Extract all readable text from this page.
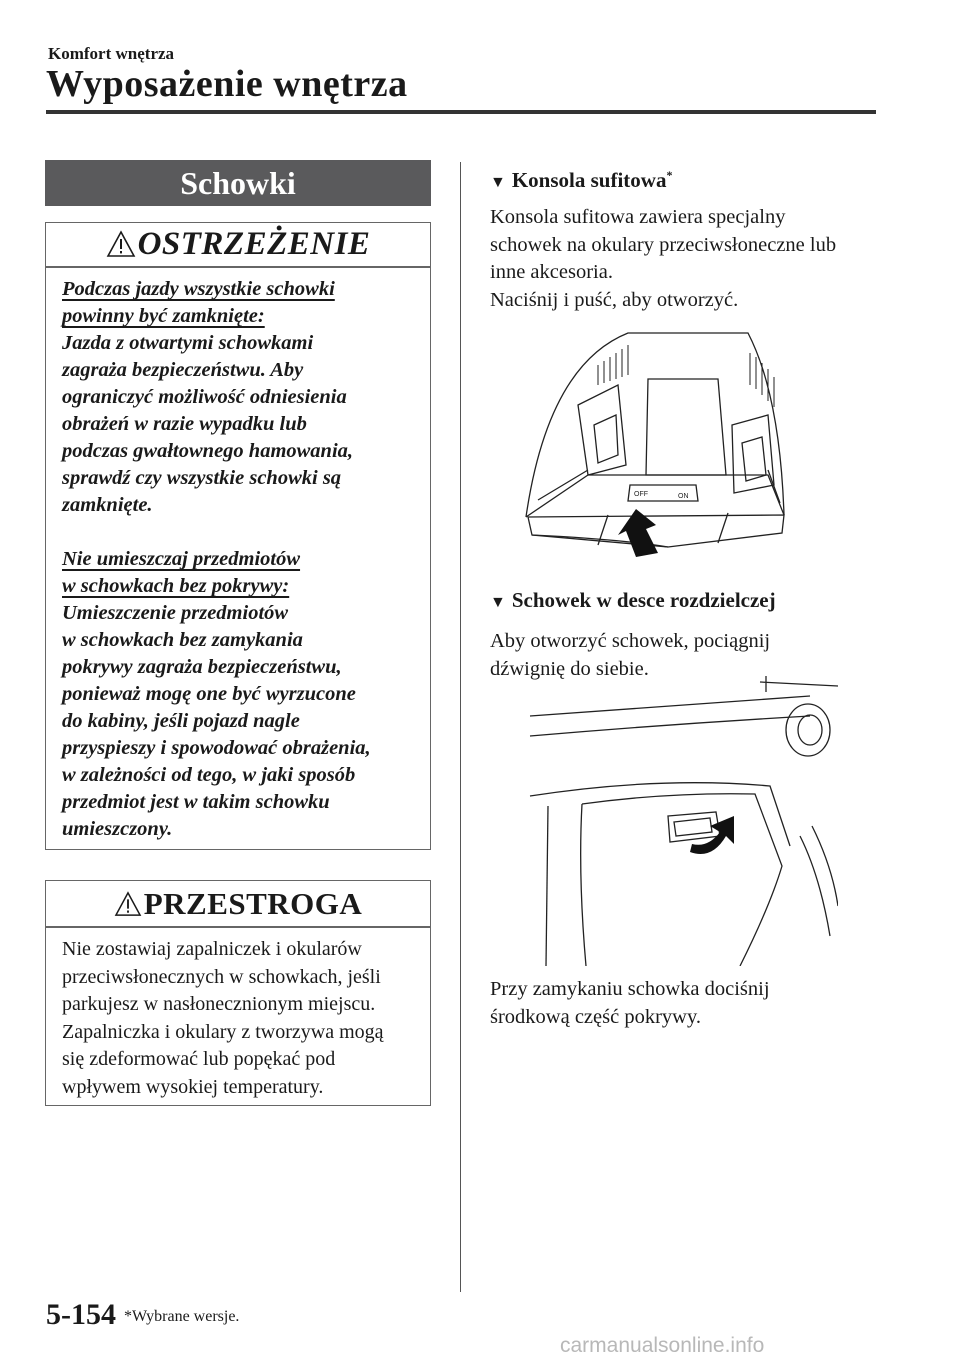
Komfort wnętrza
Wyposażenie wnętrza
Schowki
OSTRZEŻENIE

Podczas jazdy wszystkie schowki

powinny być zamknięte:

Jazda z otwartymi schowkami

zagraża bezpieczeństwu. Aby

ograniczyć możliwość odniesienia

obrażeń w razie wypadku lub

podczas gwałtownego hamowania,

sprawdź czy wszystkie schowki są

zamknięte.

Nie umieszczaj przedmiotów

w schowkach bez pokrywy:

Umieszczenie przedmiotów

w schowkach bez zamykania

pokrywy zagraża bezpieczeństwu,

ponieważ mogę one być wyrzucone

do kabiny, jeśli pojazd nagle

przyspieszy i spowodować obrażenia,

w zależności od tego, w jaki sposób

przedmiot jest w takim schowku

umieszczony.

PRZESTROGA
Nie zostawiaj zapalniczek i okularów
przeciwsłonecznych w schowkach, jeśli
parkujesz w nasłonecznionym miejscu.
Zapalniczka i okulary z tworzywa mogą
się zdeformować lub popękać pod
wpływem wysokiej temperatury.
▼ Konsola sufitowa*
Konsola sufitowa zawiera specjalny
schowek na okulary przeciwsłoneczne lub
inne akcesoria.
Naciśnij i puść, aby otworzyć.
OFF	ON
▼ Schowek w desce rozdzielczej
Aby otworzyć schowek, pociągnij
dźwignię do siebie.
Przy zamykaniu schowka dociśnij
środkową część pokrywy.
5-154 *Wybrane wersje.
carmanualsonline.info
